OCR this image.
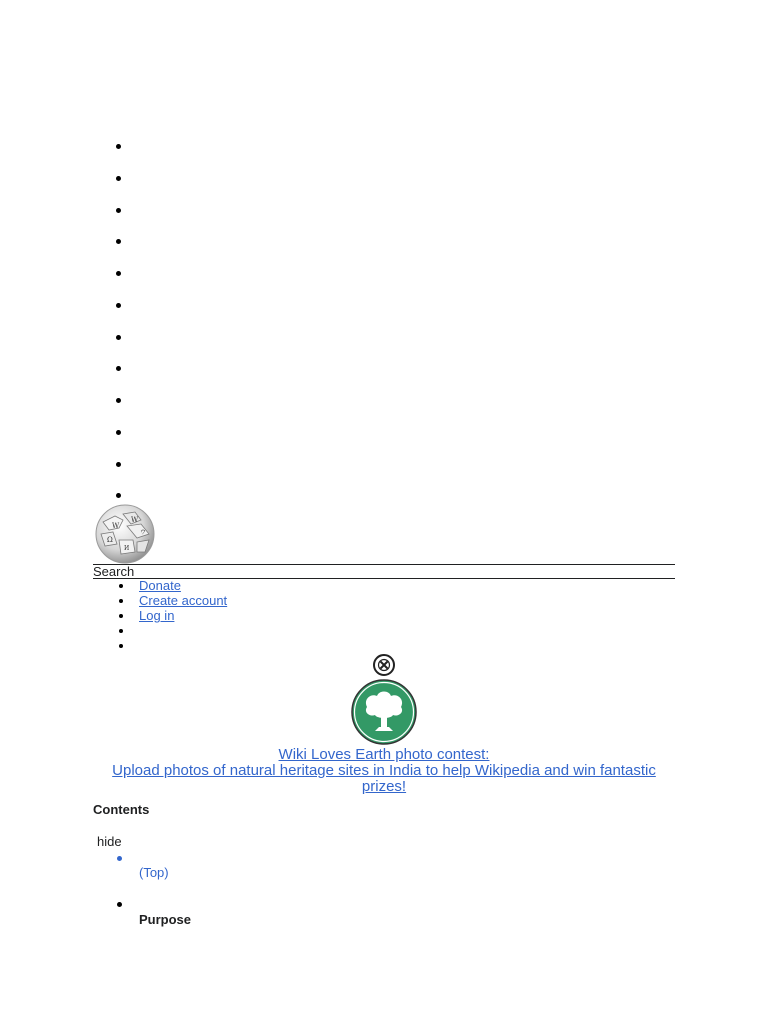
W
W
Ω
И
ウ
Search
Donate
Create account
Log in
Wiki Loves Earth photo contest:
Upload photos of natural heritage sites in India to help Wikipedia and win fantastic prizes!
Contents
hide
(Top)
Purpose
